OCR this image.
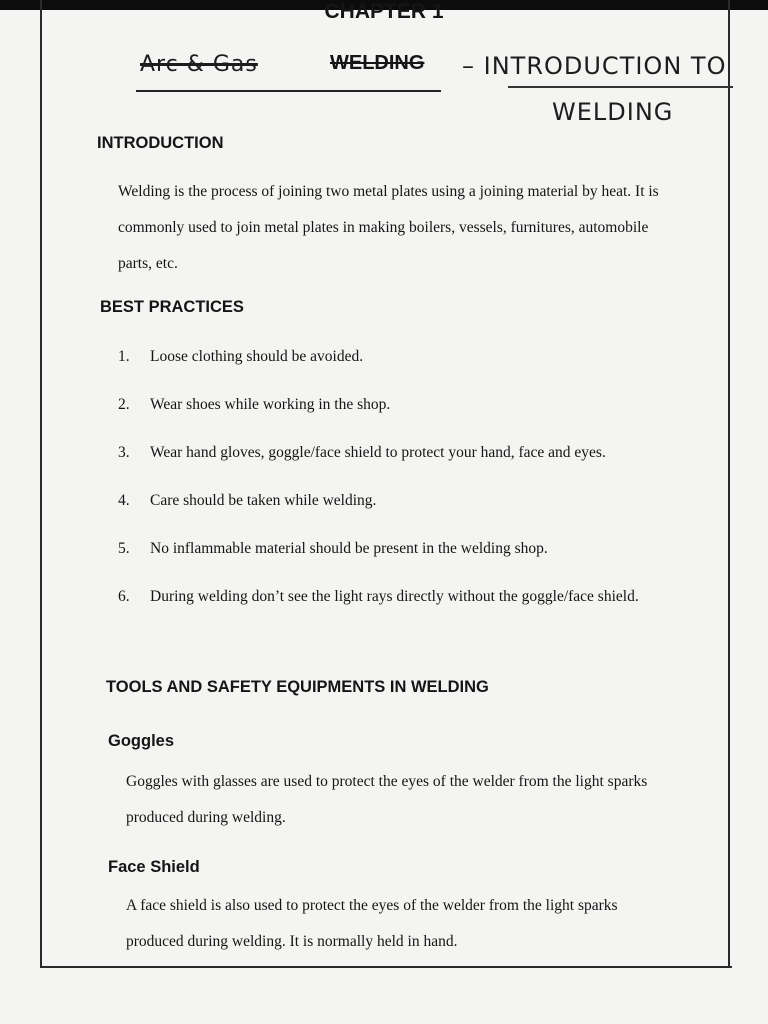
CHAPTER 1
Arc & Gas	WELDING – INTRODUCTION TO
WELDING
INTRODUCTION
Welding is the process of joining two metal plates using a joining material by heat. It is commonly used to join metal plates in making boilers, vessels, furnitures, automobile parts, etc.
BEST PRACTICES
1.	Loose clothing should be avoided.
2.	Wear shoes while working in the shop.
3.	Wear hand gloves, goggle/face shield to protect your hand, face and eyes.
4.	Care should be taken while welding.
5.	No inflammable material should be present in the welding shop.
6.	During welding don’t see the light rays directly without the goggle/face shield.
TOOLS AND SAFETY EQUIPMENTS IN WELDING
Goggles
Goggles with glasses are used to protect the eyes of the welder from the light sparks produced during welding.
Face Shield
A face shield is also used to protect the eyes of the welder from the light sparks produced during welding. It is normally held in hand.
